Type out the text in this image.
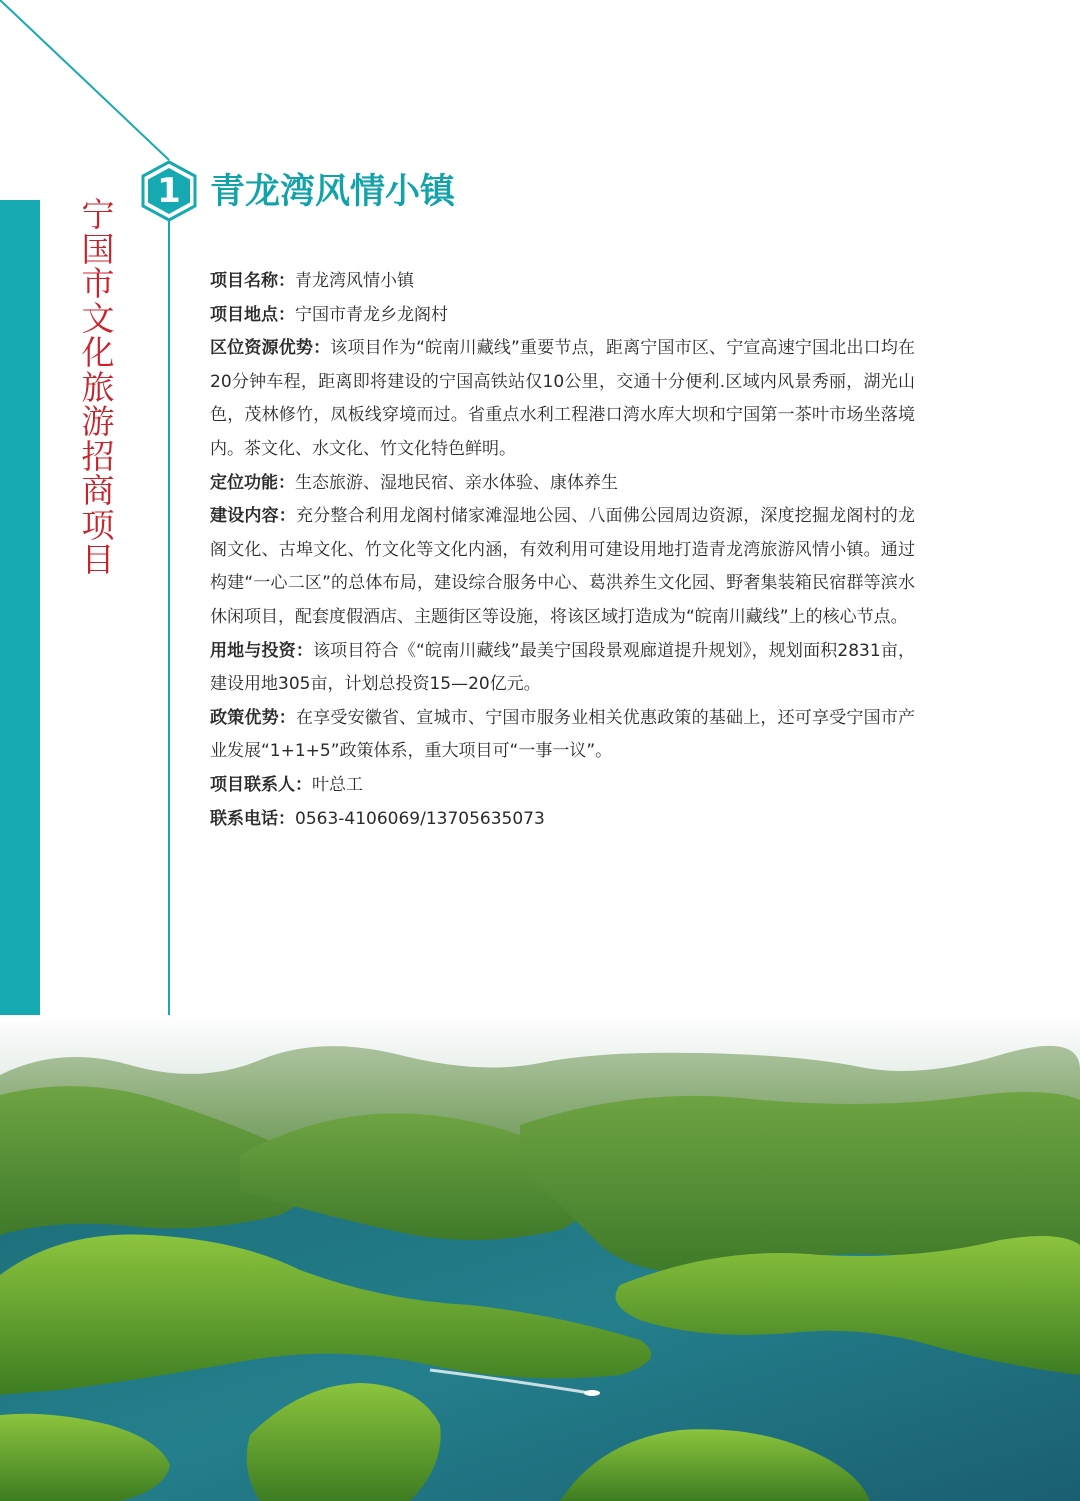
宁国市文化旅游招商项目
1 青龙湾风情小镇
项目名称：青龙湾风情小镇
项目地点：宁国市青龙乡龙阁村
区位资源优势：该项目作为“皖南川藏线”重要节点，距离宁国市区、宁宣高速宁国北出口均在20分钟车程，距离即将建设的宁国高铁站仅10公里，交通十分便利.区域内风景秀丽，湖光山色，茂林修竹，凤板线穿境而过。省重点水利工程港口湾水库大坝和宁国第一茶叶市场坐落境内。茶文化、水文化、竹文化特色鲜明。
定位功能：生态旅游、湿地民宿、亲水体验、康体养生
建设内容：充分整合利用龙阁村储家滩湿地公园、八面佛公园周边资源，深度挖掘龙阁村的龙阁文化、古埠文化、竹文化等文化内涵，有效利用可建设用地打造青龙湾旅游风情小镇。通过构建“一心二区”的总体布局，建设综合服务中心、葛洪养生文化园、野奢集装箱民宿群等滨水休闲项目，配套度假酒店、主题街区等设施，将该区域打造成为“皖南川藏线”上的核心节点。
用地与投资：该项目符合《“皖南川藏线”最美宁国段景观廊道提升规划》，规划面积2831亩，建设用地305亩，计划总投资15—20亿元。
政策优势：在享受安徽省、宣城市、宁国市服务业相关优惠政策的基础上，还可享受宁国市产业发展“1+1+5”政策体系，重大项目可“一事一议”。
项目联系人：叶总工
联系电话：0563-4106069/13705635073
